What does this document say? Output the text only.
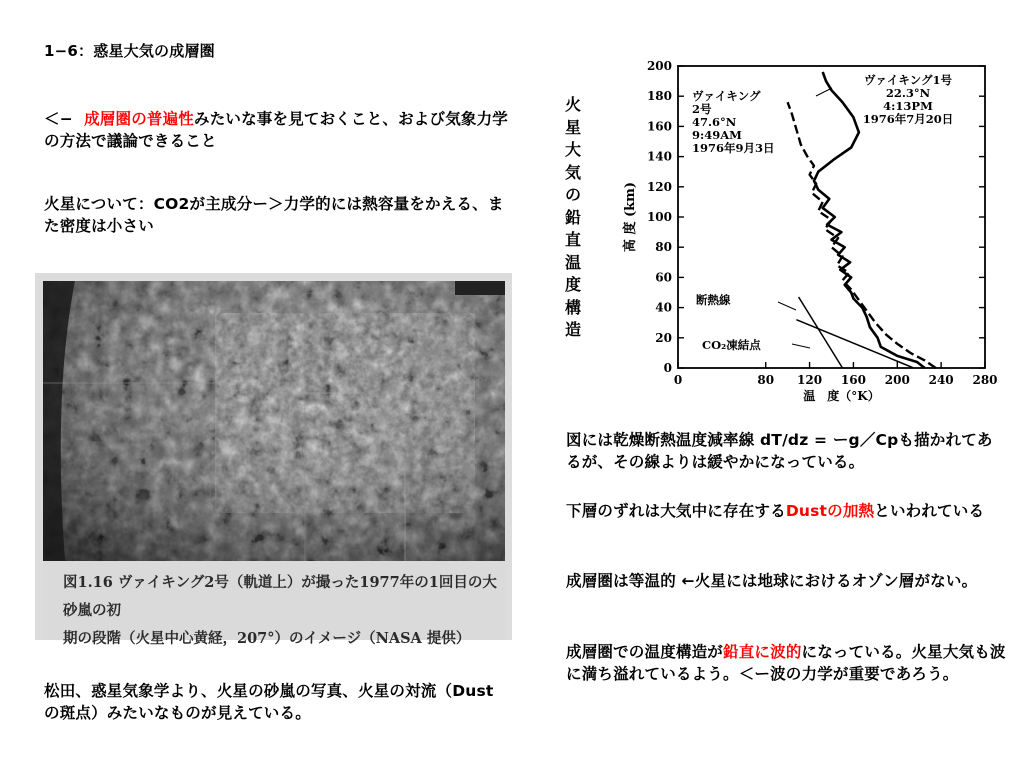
1−6：惑星大気の成層圏
＜−  成層圏の普遍性みたいな事を見ておくこと、および気象力学の方法で議論できること
火星について：CO2が主成分ー＞力学的には熱容量をかえる、また密度は小さい
図1.16 ヴァイキング2号（軌道上）が撮った1977年の1回目の大砂嵐の初
期の段階（火星中心黄経，207°）のイメージ（NASA 提供）
松田、惑星気象学より、火星の砂嵐の写真、火星の対流（Dust の斑点）みたいなものが見えている。
火
星
大
気
の
鉛
直
温
度
構
造
0
20
40
60
80
100
120
140
160
180
200
0	80 120 160 200 240 280
温　度（°K）
高 度 (km)
ヴァイキング1号
22.3°N
4:13PM
1976年7月20日
ヴァイキング
2号
47.6°N
9:49AM
1976年9月3日
断熱線
CO₂凍結点
図には乾燥断熱温度減率線 dT/dz = ーg／Cpも描かれてあるが、その線よりは緩やかになっている。
下層のずれは大気中に存在するDustの加熱といわれている
成層圏は等温的 ←火星には地球におけるオゾン層がない。
成層圏での温度構造が鉛直に波的になっている。火星大気も波に満ち溢れているよう。＜ー波の力学が重要であろう。
